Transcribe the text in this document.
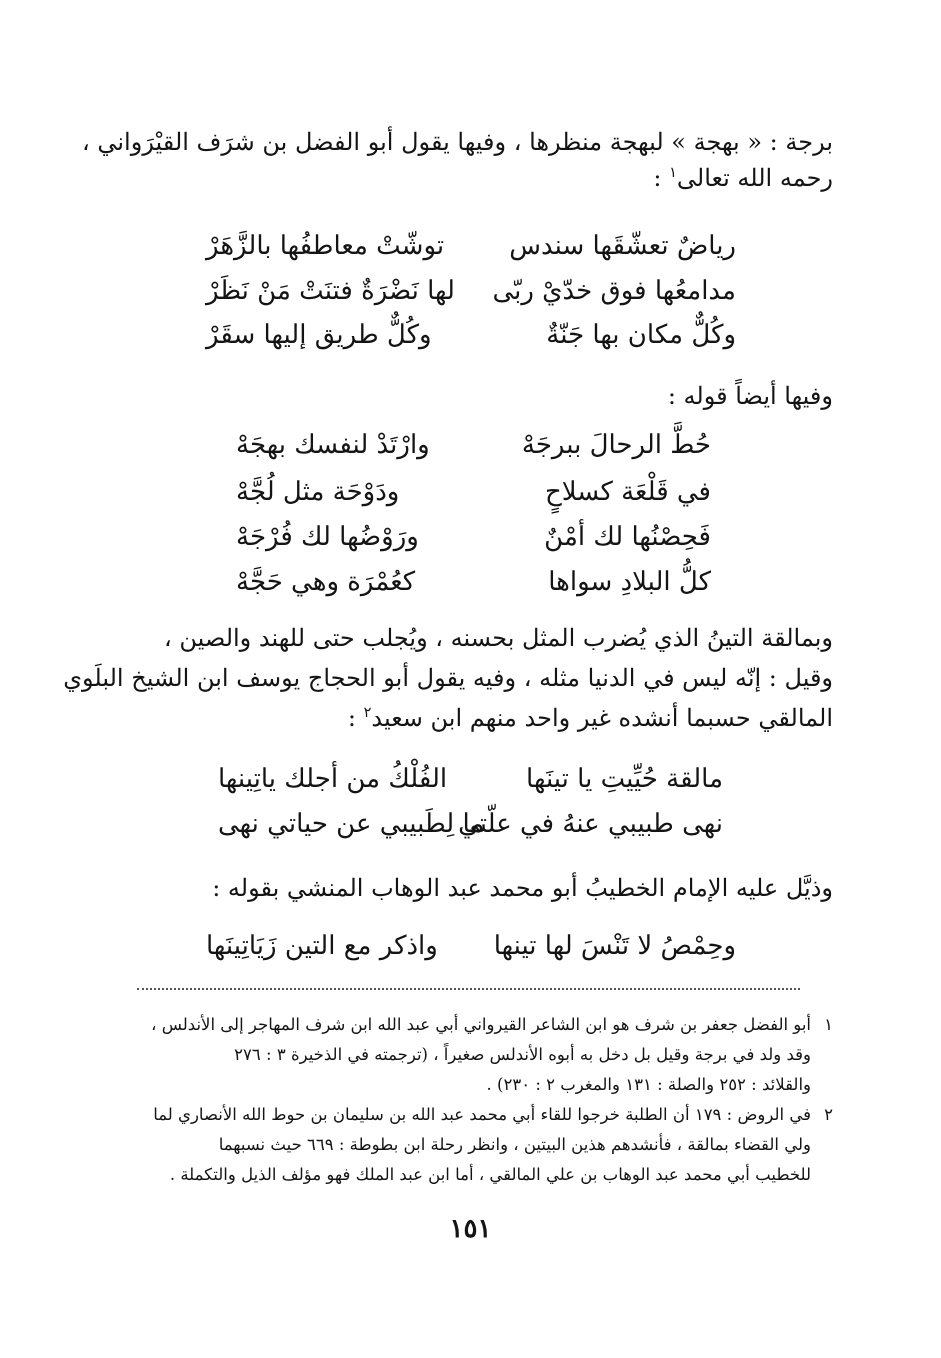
برجة : « بهجة » لبهجة منظرها ، وفيها يقول أبو الفضل بن شرَف القيْرَواني ،
رحمه الله تعالى$^١$ :
رياضٌ تعشّقَها سندس
توشّتْ معاطفُها بالزَّهَرْ
مدامعُها فوق خدّيْ ربّى
لها نَضْرَةٌ فتنَتْ مَنْ نَظَرْ
وكُلٌّ مكان بها جَنّةٌ
وكُلٌّ طريق إليها سقَرْ
وفيها أيضاً قوله :
حُطَّ الرحالَ ببرجَهْ
وارْتَدْ لنفسك بهجَهْ
في قَلْعَة كسلاحٍ
ودَوْحَة مثل لُجَّهْ
فَحِصْنُها لك أمْنٌ
ورَوْضُها لك فُرْجَهْ
كلُّ البلادِ سواها
كعُمْرَة وهي حَجَّهْ
وبمالقة التينُ الذي يُضرب المثل بحسنه ، ويُجلب حتى للهند والصين ،
وقيل : إنّه ليس في الدنيا مثله ، وفيه يقول أبو الحجاج يوسف ابن الشيخ البلَوي
المالقي حسبما أنشده غير واحد منهم ابن سعيد$^٢$ :
مالقة حُيِّيتِ يا تينَها
الفُلْكُ من أجلك ياتِينها
نهى طبيبي عنهُ في علّتي
ما لِطَبيبي عن حياتي نهى
وذيَّل عليه الإمام الخطيبُ أبو محمد عبد الوهاب المنشي بقوله :
وحِمْصُ لا تَنْسَ لها تينها
واذكر مع التين زَيَاتِينَها
١أبو الفضل جعفر بن شرف هو ابن الشاعر القيرواني أبي عبد الله ابن شرف المهاجر إلى الأندلس ،
وقد ولد في برجة وقيل بل دخل به أبوه الأندلس صغيراً ، (ترجمته في الذخيرة ٣ : ٢٧٦
والقلائد : ٢٥٢ والصلة : ١٣١ والمغرب ٢ : ٢٣٠) .
٢في الروض : ١٧٩ أن الطلبة خرجوا للقاء أبي محمد عبد الله بن سليمان بن حوط الله الأنصاري لما
ولي القضاء بمالقة ، فأنشدهم هذين البيتين ، وانظر رحلة ابن بطوطة : ٦٦٩ حيث نسبهما
للخطيب أبي محمد عبد الوهاب بن علي المالقي ، أما ابن عبد الملك فهو مؤلف الذيل والتكملة .
١٥١
